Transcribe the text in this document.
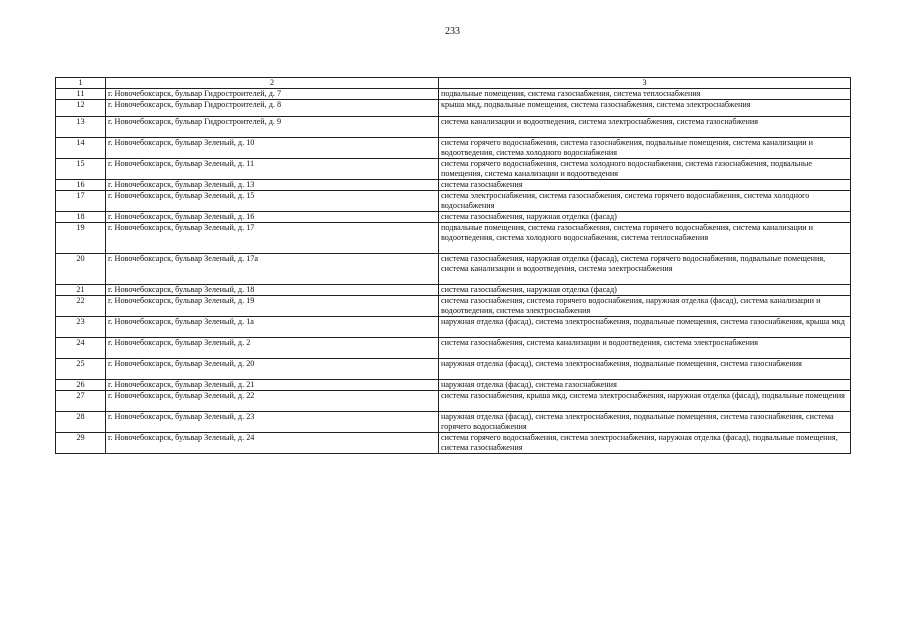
233
1	2	3
11	г. Новочебоксарск, бульвар Гидростроителей, д. 7	подвальные помещения, система газоснабжения, система теплоснабжения
12	г. Новочебоксарск, бульвар Гидростроителей, д. 8	крыша мкд, подвальные помещения, система газоснабжения, система электроснабжения
13	г. Новочебоксарск, бульвар Гидростроителей, д. 9	система канализации и водоотведения, система электроснабжения, система газоснабжения
14	г. Новочебоксарск, бульвар Зеленый, д. 10	система горячего водоснабжения, система газоснабжения, подвальные помещения, система канализации и водоотведения, система холодного водоснабжения
15	г. Новочебоксарск, бульвар Зеленый, д. 11	система горячего водоснабжения, система холодного водоснабжения, система газоснабжения, подвальные помещения, система канализации и водоотведения
16	г. Новочебоксарск, бульвар Зеленый, д. 13	система газоснабжения
17	г. Новочебоксарск, бульвар Зеленый, д. 15	система электроснабжения, система газоснабжения, система горячего водоснабжения, система холодного водоснабжения
18	г. Новочебоксарск, бульвар Зеленый, д. 16	система газоснабжения, наружная отделка (фасад)
19	г. Новочебоксарск, бульвар Зеленый, д. 17	подвальные помещения, система газоснабжения, система горячего водоснабжения, система канализации и водоотведения, система холодного водоснабжения, система теплоснабжения
20	г. Новочебоксарск, бульвар Зеленый, д. 17а	система газоснабжения, наружная отделка (фасад), система горячего водоснабжения, подвальные помещения, система канализации и водоотведения, система электроснабжения
21	г. Новочебоксарск, бульвар Зеленый, д. 18	система газоснабжения, наружная отделка (фасад)
22	г. Новочебоксарск, бульвар Зеленый, д. 19	система газоснабжения, система горячего водоснабжения, наружная отделка (фасад), система канализации и водоотведения, система электроснабжения
23	г. Новочебоксарск, бульвар Зеленый, д. 1а	наружная отделка (фасад), система электроснабжения, подвальные помещения, система газоснабжения, крыша мкд
24	г. Новочебоксарск, бульвар Зеленый, д. 2	система газоснабжения, система канализации и водоотведения, система электроснабжения
25	г. Новочебоксарск, бульвар Зеленый, д. 20	наружная отделка (фасад), система электроснабжения, подвальные помещения, система газоснабжения
26	г. Новочебоксарск, бульвар Зеленый, д. 21	наружная отделка (фасад), система газоснабжения
27	г. Новочебоксарск, бульвар Зеленый, д. 22	система газоснабжения, крыша мкд, система электроснабжения, наружная отделка (фасад), подвальные помещения
28	г. Новочебоксарск, бульвар Зеленый, д. 23	наружная отделка (фасад), система электроснабжения, подвальные помещения, система газоснабжения, система горячего водоснабжения
29	г. Новочебоксарск, бульвар Зеленый, д. 24	система горячего водоснабжения, система электроснабжения, наружная отделка (фасад), подвальные помещения, система газоснабжения
